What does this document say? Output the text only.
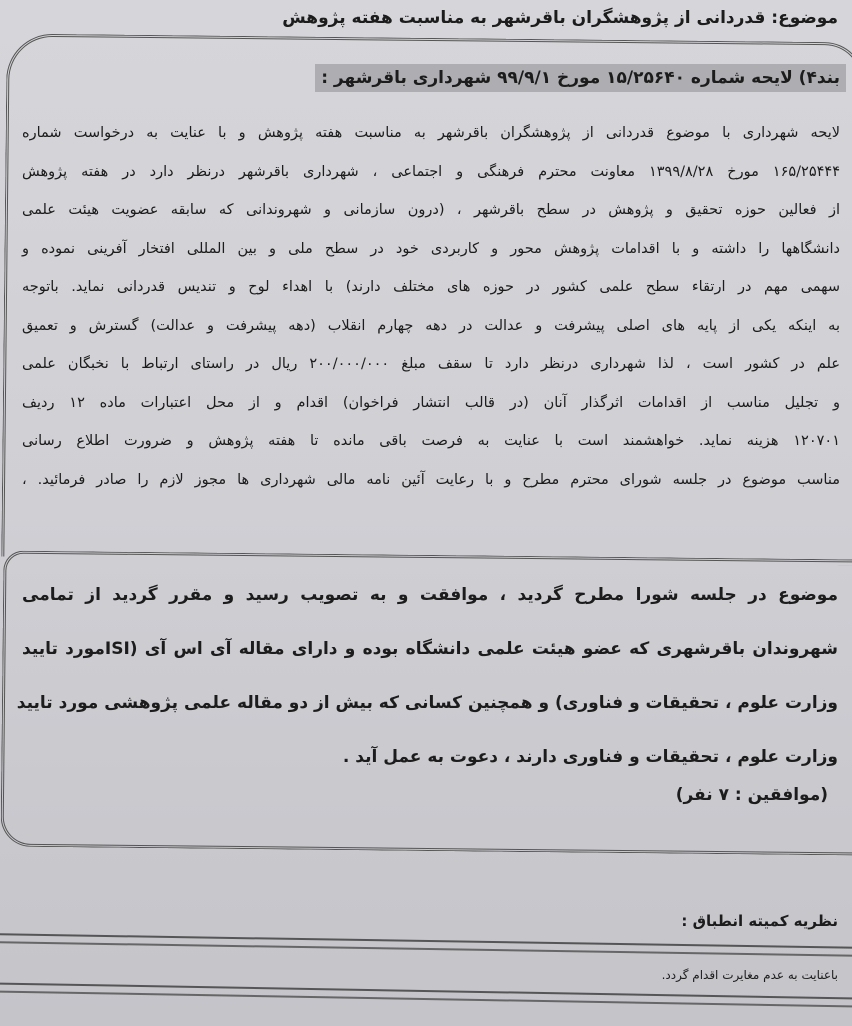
موضوع: قدردانی از پژوهشگران باقرشهر به مناسبت هفته پژوهش
بند۴) لایحه شماره ۱۵/۲۵۶۴۰ مورخ ۹۹/۹/۱ شهرداری باقرشهر :
لایحه شهرداری با موضوع قدردانی از پژوهشگران باقرشهر به مناسبت هفته پژوهش و با عنایت به درخواست شماره
۱۶۵/۲۵۴۴۴ مورخ ۱۳۹۹/۸/۲۸ معاونت محترم فرهنگی و اجتماعی ، شهرداری باقرشهر درنظر دارد در هفته پژوهش
از فعالین حوزه تحقیق و پژوهش در سطح باقرشهر ، (درون سازمانی و شهروندانی که سابقه عضویت هیئت علمی
دانشگاهها را داشته و با اقدامات پژوهش محور و کاربردی خود در سطح ملی و بین المللی افتخار آفرینی نموده و
سهمی مهم در ارتقاء سطح علمی کشور در حوزه های مختلف دارند) با اهداء لوح و تندیس قدردانی نماید. باتوجه
به اینکه یکی از پایه های اصلی پیشرفت و عدالت در دهه چهارم انقلاب (دهه پیشرفت و عدالت) گسترش و تعمیق
علم در کشور است ، لذا شهرداری درنظر دارد تا سقف مبلغ ۲۰۰/۰۰۰/۰۰۰ ریال در راستای ارتباط با نخبگان علمی
و تجلیل مناسب از اقدامات اثرگذار آنان (در قالب انتشار فراخوان) اقدام و از محل اعتبارات ماده ۱۲ ردیف
۱۲۰۷۰۱ هزینه نماید. خواهشمند است با عنایت به فرصت باقی مانده تا هفته پژوهش و ضرورت اطلاع رسانی
مناسب موضوع در جلسه شورای محترم مطرح و با رعایت آئین نامه مالی شهرداری ها مجوز لازم را صادر فرمائید. ،
موضوع در جلسه شورا مطرح گردید ، موافقت و به تصویب رسید و مقرر گردید از تمامی
شهروندان باقرشهری که عضو هیئت علمی دانشگاه بوده و دارای مقاله آی اس آی (ISIمورد تایید
وزارت علوم ، تحقیقات و فناوری) و همچنین کسانی که بیش از دو مقاله علمی پژوهشی مورد تایید
وزارت علوم ، تحقیقات و فناوری دارند ، دعوت به عمل آید .
(موافقین : ۷ نفر)
نظریه کمیته انطباق :
باعنایت به عدم مغایرت اقدام گردد.
